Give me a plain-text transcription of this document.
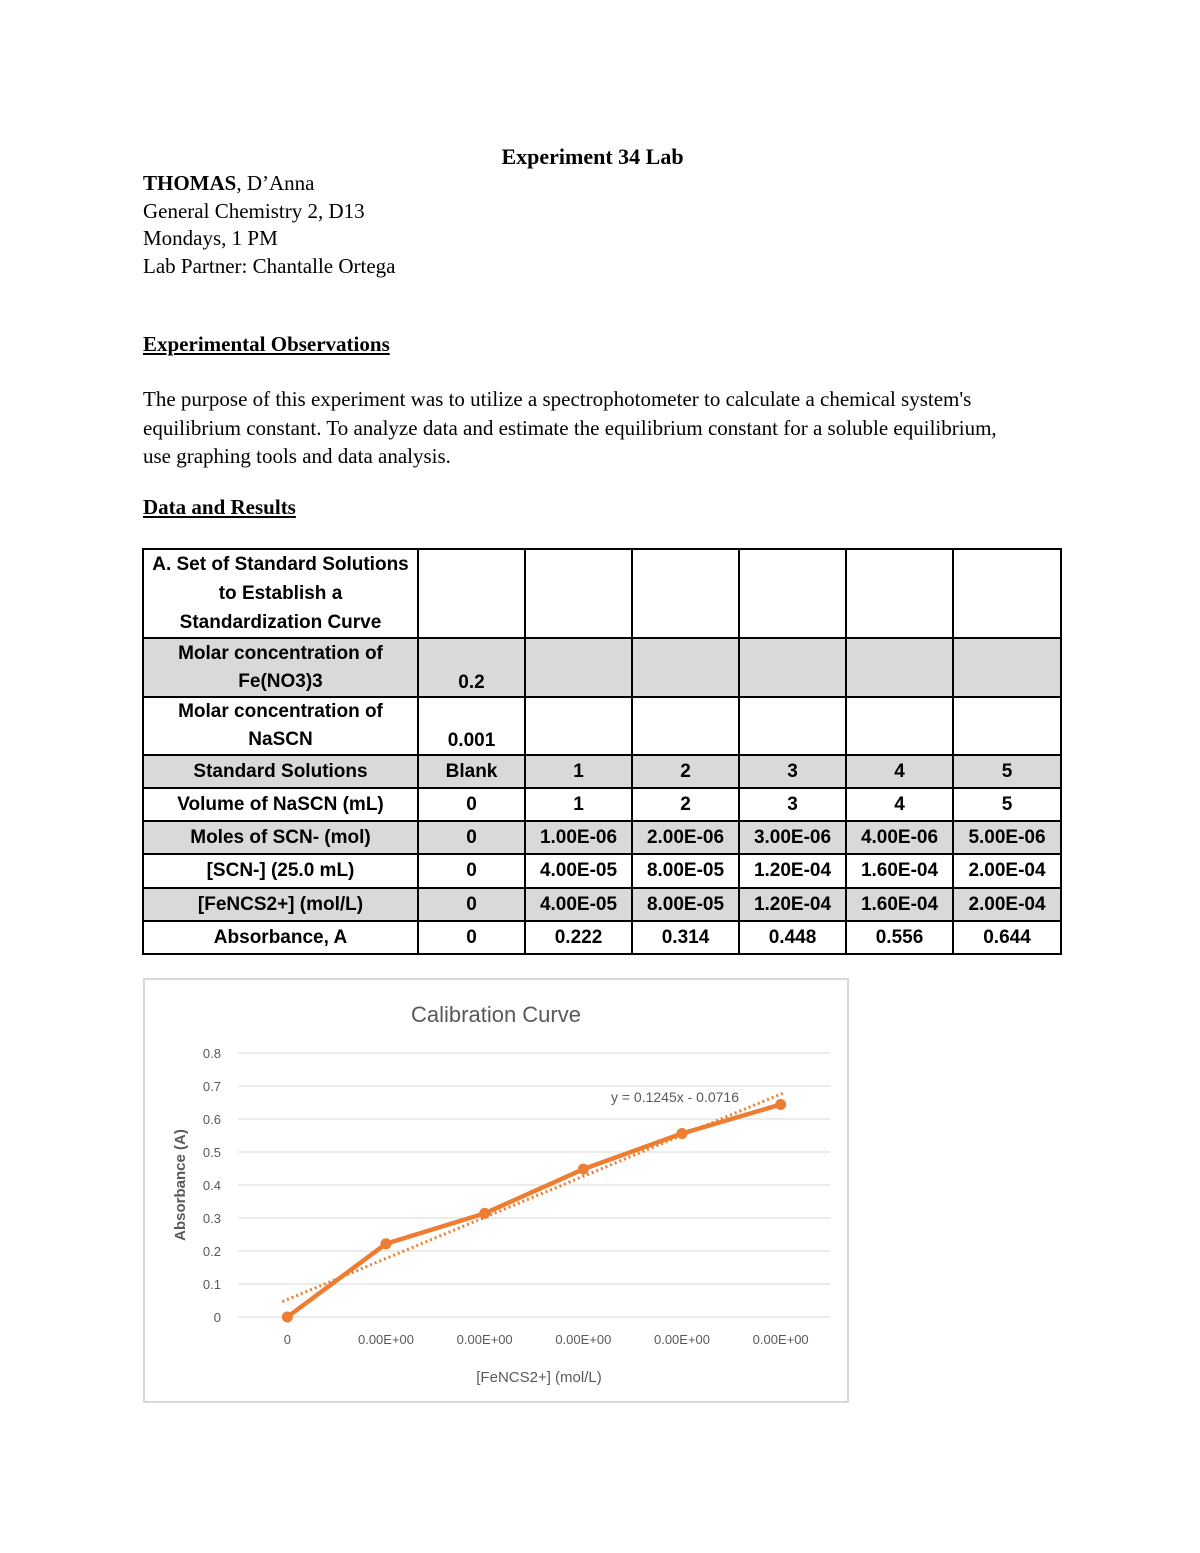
Experiment 34 Lab
THOMAS, D’Anna
General Chemistry 2, D13
Mondays, 1 PM
Lab Partner: Chantalle Ortega
Experimental Observations
The purpose of this experiment was to utilize a spectrophotometer to calculate a chemical system's equilibrium constant. To analyze data and estimate the equilibrium constant for a soluble equilibrium, use graphing tools and data analysis.
Data and Results
A. Set of Standard Solutions to Establish a Standardization Curve						
Molar concentration of Fe(NO3)3	0.2					
Molar concentration of NaSCN	0.001					
Standard Solutions	Blank	1	2	3	4	5
Volume of NaSCN (mL)	0	1	2	3	4	5
Moles of SCN- (mol)	0	1.00E-06	2.00E-06	3.00E-06	4.00E-06	5.00E-06
[SCN-] (25.0 mL)	0	4.00E-05	8.00E-05	1.20E-04	1.60E-04	2.00E-04
[FeNCS2+] (mol/L)	0	4.00E-05	8.00E-05	1.20E-04	1.60E-04	2.00E-04
Absorbance, A	0	0.222	0.314	0.448	0.556	0.644
Calibration Curve
Absorbance (A)
[FeNCS2+] (mol/L)
0
0.1
0.2
0.3
0.4
0.5
0.6
0.7
0.8
0	0.00E+00	0.00E+00	0.00E+00	0.00E+00	0.00E+00
y = 0.1245x - 0.0716
